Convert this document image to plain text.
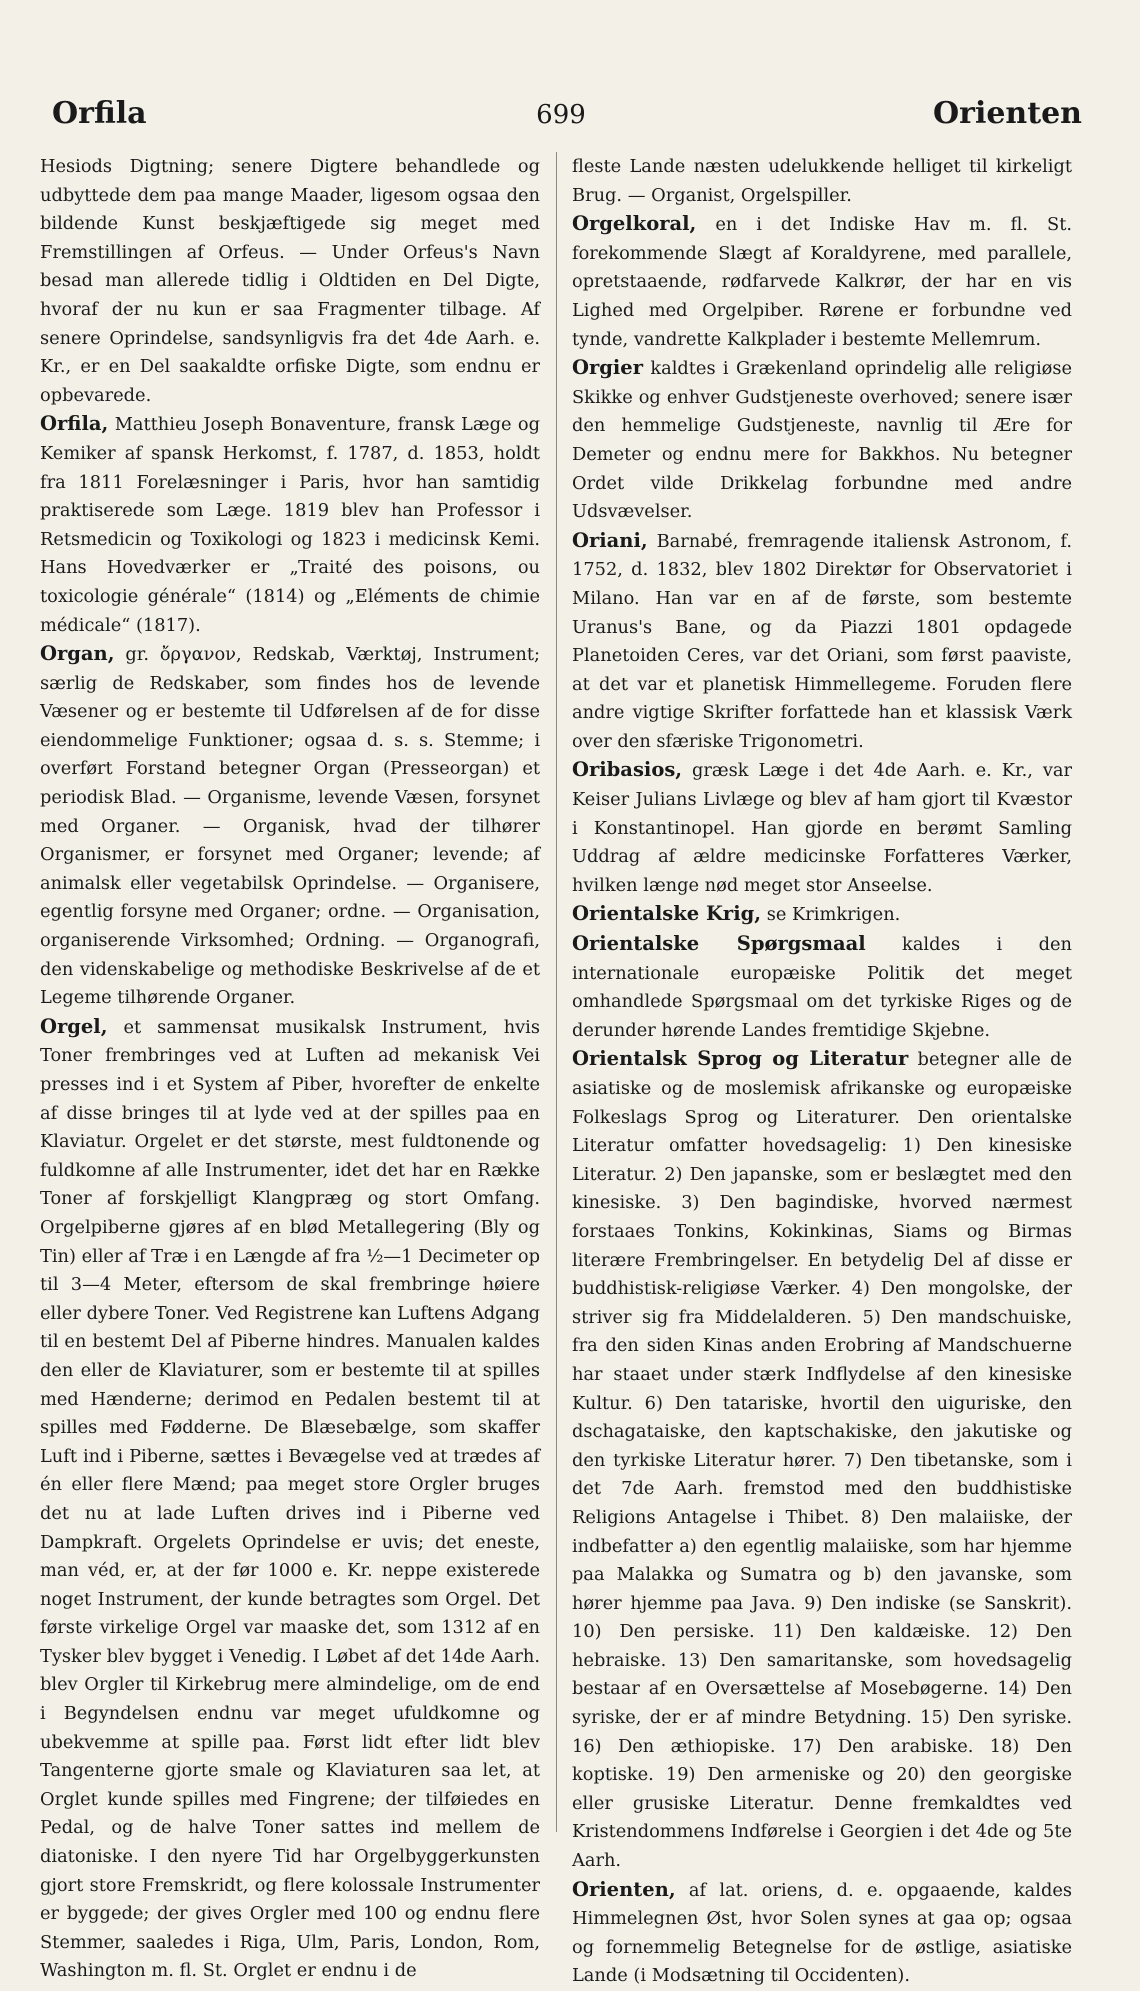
Orfila	699	Orienten

Hesiods Digtning; senere Digtere behandlede og udbyttede dem paa mange Maader, ligesom ogsaa den bildende Kunst beskjæftigede sig meget med Fremstillingen af Orfeus. — Under Orfeus's Navn besad man allerede tidlig i Oldtiden en Del Digte, hvoraf der nu kun er saa Fragmenter tilbage. Af senere Oprindelse, sandsynligvis fra det 4de Aarh. e. Kr., er en Del saakaldte orfiske Digte, som endnu er opbevarede.

Orfila, Matthieu Joseph Bonaventure, fransk Læge og Kemiker af spansk Herkomst, f. 1787, d. 1853, holdt fra 1811 Forelæsninger i Paris, hvor han samtidig praktiserede som Læge. 1819 blev han Professor i Retsmedicin og Toxikologi og 1823 i medicinsk Kemi. Hans Hovedværker er „Traité des poisons, ou toxicologie générale“ (1814) og „Eléments de chimie médicale“ (1817).

Organ, gr. ὄργανον, Redskab, Værktøj, Instrument; særlig de Redskaber, som findes hos de levende Væsener og er bestemte til Udførelsen af de for disse eiendommelige Funktioner; ogsaa d. s. s. Stemme; i overført Forstand betegner Organ (Presseorgan) et periodisk Blad. — Organisme, levende Væsen, forsynet med Organer. — Organisk, hvad der tilhører Organismer, er forsynet med Organer; levende; af animalsk eller vegetabilsk Oprindelse. — Organisere, egentlig forsyne med Organer; ordne. — Organisation, organiserende Virksomhed; Ordning. — Organografi, den videnskabelige og methodiske Beskrivelse af de et Legeme tilhørende Organer.

Orgel, et sammensat musikalsk Instrument, hvis Toner frembringes ved at Luften ad mekanisk Vei presses ind i et System af Piber, hvorefter de enkelte af disse bringes til at lyde ved at der spilles paa en Klaviatur. Orgelet er det største, mest fuldtonende og fuldkomne af alle Instrumenter, idet det har en Række Toner af forskjelligt Klangpræg og stort Omfang. Orgelpiberne gjøres af en blød Metallegering (Bly og Tin) eller af Træ i en Længde af fra ½—1 Decimeter op til 3—4 Meter, eftersom de skal frembringe høiere eller dybere Toner. Ved Registrene kan Luftens Adgang til en bestemt Del af Piberne hindres. Manualen kaldes den eller de Klaviaturer, som er bestemte til at spilles med Hænderne; derimod en Pedalen bestemt til at spilles med Fødderne. De Blæsebælge, som skaffer Luft ind i Piberne, sættes i Bevægelse ved at trædes af én eller flere Mænd; paa meget store Orgler bruges det nu at lade Luften drives ind i Piberne ved Dampkraft. Orgelets Oprindelse er uvis; det eneste, man véd, er, at der før 1000 e. Kr. neppe existerede noget Instrument, der kunde betragtes som Orgel. Det første virkelige Orgel var maaske det, som 1312 af en Tysker blev bygget i Venedig. I Løbet af det 14de Aarh. blev Orgler til Kirkebrug mere almindelige, om de end i Begyndelsen endnu var meget ufuldkomne og ubekvemme at spille paa. Først lidt efter lidt blev Tangenterne gjorte smale og Klaviaturen saa let, at Orglet kunde spilles med Fingrene; der tilføiedes en Pedal, og de halve Toner sattes ind mellem de diatoniske. I den nyere Tid har Orgelbyggerkunsten gjort store Fremskridt, og flere kolossale Instrumenter er byggede; der gives Orgler med 100 og endnu flere Stemmer, saaledes i Riga, Ulm, Paris, London, Rom, Washington m. fl. St. Orglet er endnu i de

fleste Lande næsten udelukkende helliget til kirkeligt Brug. — Organist, Orgelspiller.

Orgelkoral, en i det Indiske Hav m. fl. St. forekommende Slægt af Koraldyrene, med parallele, opretstaaende, rødfarvede Kalkrør, der har en vis Lighed med Orgelpiber. Rørene er forbundne ved tynde, vandrette Kalkplader i bestemte Mellemrum.

Orgier kaldtes i Grækenland oprindelig alle religiøse Skikke og enhver Gudstjeneste overhoved; senere især den hemmelige Gudstjeneste, navnlig til Ære for Demeter og endnu mere for Bakkhos. Nu betegner Ordet vilde Drikkelag forbundne med andre Udsvævelser.

Oriani, Barnabé, fremragende italiensk Astronom, f. 1752, d. 1832, blev 1802 Direktør for Observatoriet i Milano. Han var en af de første, som bestemte Uranus's Bane, og da Piazzi 1801 opdagede Planetoiden Ceres, var det Oriani, som først paaviste, at det var et planetisk Himmellegeme. Foruden flere andre vigtige Skrifter forfattede han et klassisk Værk over den sfæriske Trigonometri.

Oribasios, græsk Læge i det 4de Aarh. e. Kr., var Keiser Julians Livlæge og blev af ham gjort til Kvæstor i Konstantinopel. Han gjorde en berømt Samling Uddrag af ældre medicinske Forfatteres Værker, hvilken længe nød meget stor Anseelse.

Orientalske Krig, se Krimkrigen.

Orientalske Spørgsmaal kaldes i den internationale europæiske Politik det meget omhandlede Spørgsmaal om det tyrkiske Riges og de derunder hørende Landes fremtidige Skjebne.

Orientalsk Sprog og Literatur betegner alle de asiatiske og de moslemisk afrikanske og europæiske Folkeslags Sprog og Literaturer. Den orientalske Literatur omfatter hovedsagelig: 1) Den kinesiske Literatur. 2) Den japanske, som er beslægtet med den kinesiske. 3) Den bagindiske, hvorved nærmest forstaaes Tonkins, Kokinkinas, Siams og Birmas literære Frembringelser. En betydelig Del af disse er buddhistisk-religiøse Værker. 4) Den mongolske, der striver sig fra Middelalderen. 5) Den mandschuiske, fra den siden Kinas anden Erobring af Mandschuerne har staaet under stærk Indflydelse af den kinesiske Kultur. 6) Den tatariske, hvortil den uiguriske, den dschagataiske, den kaptschakiske, den jakutiske og den tyrkiske Literatur hører. 7) Den tibetanske, som i det 7de Aarh. fremstod med den buddhistiske Religions Antagelse i Thibet. 8) Den malaiiske, der indbefatter a) den egentlig malaiiske, som har hjemme paa Malakka og Sumatra og b) den javanske, som hører hjemme paa Java. 9) Den indiske (se Sanskrit). 10) Den persiske. 11) Den kaldæiske. 12) Den hebraiske. 13) Den samaritanske, som hovedsagelig bestaar af en Oversættelse af Mosebøgerne. 14) Den syriske, der er af mindre Betydning. 15) Den syriske. 16) Den æthiopiske. 17) Den arabiske. 18) Den koptiske. 19) Den armeniske og 20) den georgiske eller grusiske Literatur. Denne fremkaldtes ved Kristendommens Indførelse i Georgien i det 4de og 5te Aarh.

Orienten, af lat. oriens, d. e. opgaaende, kaldes Himmelegnen Øst, hvor Solen synes at gaa op; ogsaa og fornemmelig Betegnelse for de østlige, asiatiske Lande (i Modsætning til Occidenten).
